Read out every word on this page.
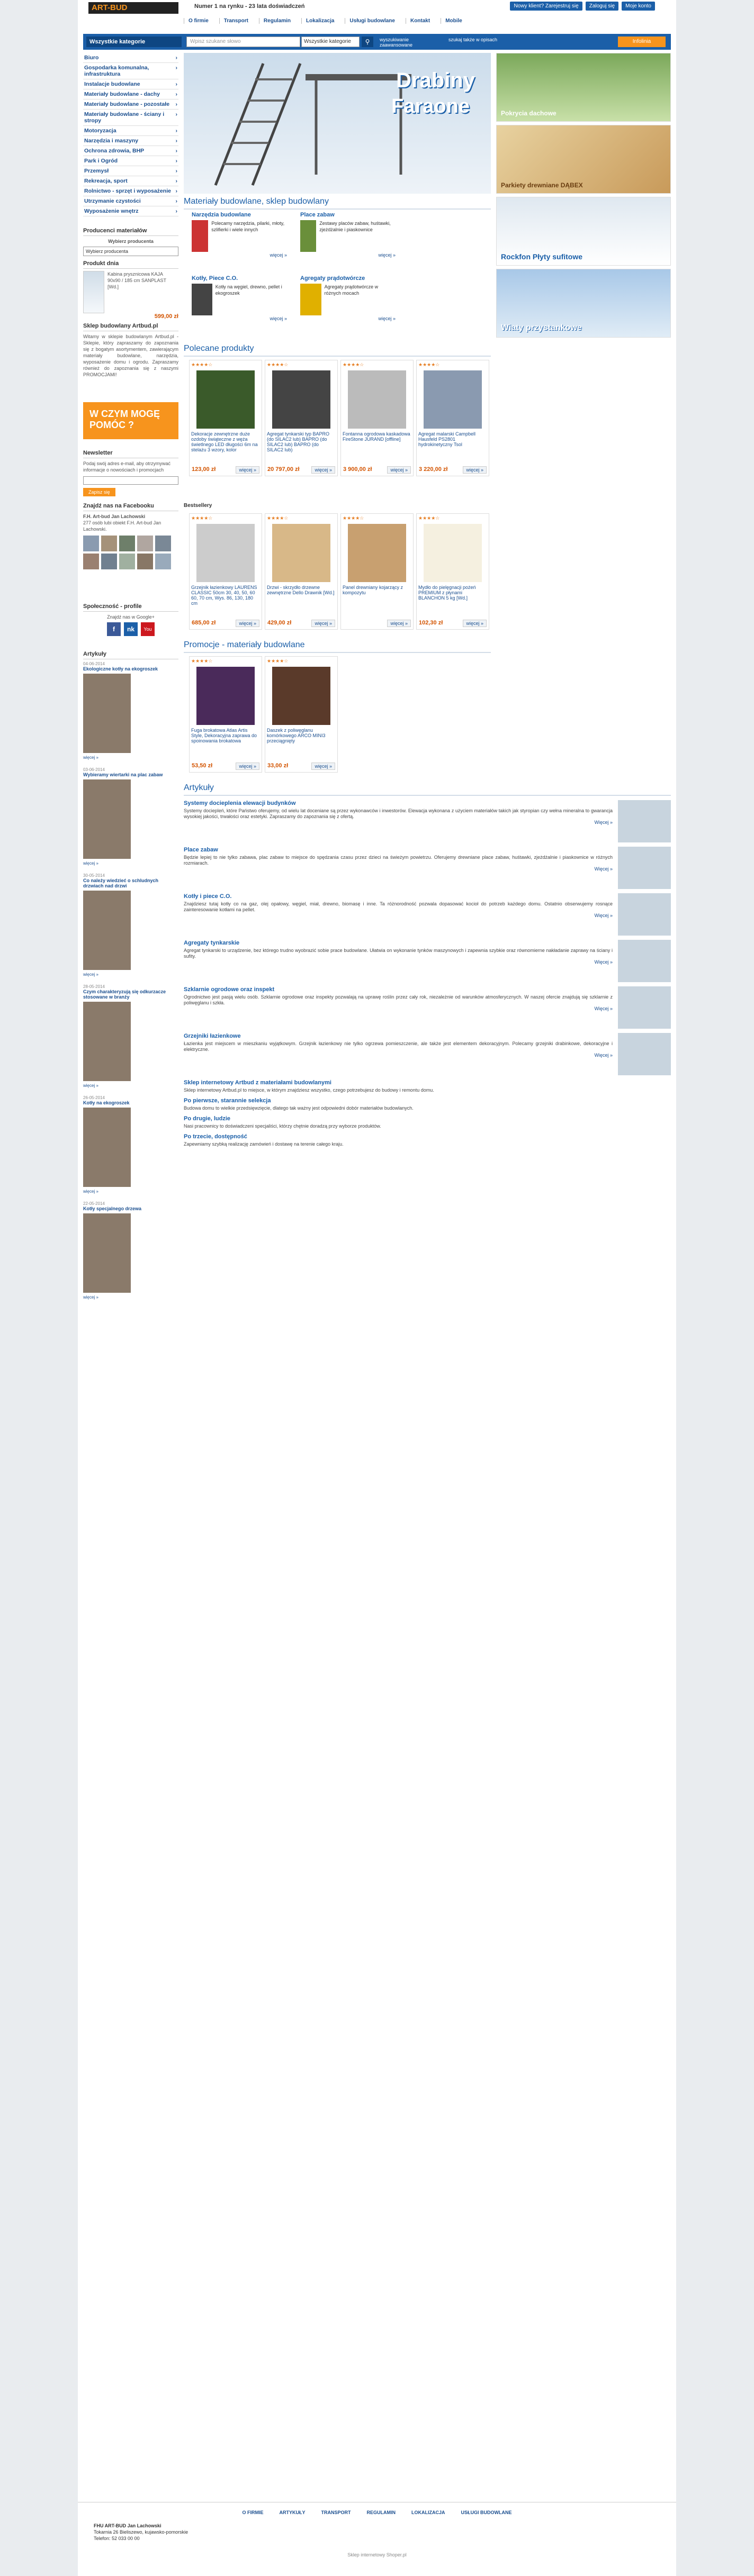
ART-BUD	Numer 1 na rynku - 23 lata doświadczeń	Nowy klient? Zarejestruj się	Zaloguj się	Moje konto
O firmie	Transport	Regulamin	Lokalizacja	Usługi budowlane	Kontakt	Mobile
Wszystkie kategorie	Wpisz szukane słowo	Wszystkie kategorie	⚲	wyszukiwanie zaawansowane
szukaj także w opisach	Infolinia
Biuro	›
Gospodarka komunalna, infrastruktura
›
Instalacje budowlane	›
Materiały budowlane - dachy	›
Materiały budowlane - pozostałe ›
Materiały budowlane - ściany i stropy
›
Motoryzacja	›
Narzędzia i maszyny	›
Ochrona zdrowia, BHP	›
Park i Ogród	›
Przemysł	›
Rekreacja, sport	›
Rolnictwo - sprzęt i wyposażenie ›
Utrzymanie czystości	›
Wyposażenie wnętrz	›
Producenci materiałów
Wybierz producenta
Wybierz producenta
Produkt dnia
Kabina prysznicowa KAJA 90x90 / 185 cm SANPLAST [Wd.]
599,00 zł
Sklep budowlany Artbud.pl
Witamy w sklepie budowlanym Artbud.pl - Sklepie, który zapraszamy do zapoznania się z bogatym asortymentem, zawierającym materiały budowlane, narzędzia, wyposażenie domu i ogrodu. Zapraszamy również do zapoznania się z naszymi PROMOCJAMI!
W CZYM MOGĘ POMÓC ?
Newsletter
Podaj swój adres e-mail, aby otrzymywać informacje o nowościach i promocjach
Zapisz się
Znajdź nas na Facebooku
F.H. Art-bud Jan Lachowski
277 osób lubi obiekt F.H. Art-bud Jan Lachowski.
Społeczność - profile
Znajdź nas w Google+
f	nk	You
Artykuły
04-06-2014
Ekologiczne kotły na ekogroszek
więcej »
03-06-2014
Wybieramy wiertarki na plac zabaw
więcej »
30-05-2014
Co należy wiedzieć o schludnych drzwiach nad drzwi
więcej »
28-05-2014
Czym charakteryzują się odkurzacze stosowane w branży
więcej »
26-05-2014
Kotły na ekogroszek
więcej »
22-05-2014
Kotły specjalnego drzewa
więcej »
Drabiny
Faraone	Pokrycia dachowe
Parkiety drewniane DĄBEX
Rockfon Płyty sufitowe
Wiaty przystankowe
Materiały budowlane, sklep budowlany
Narzędzia budowlane
Polecamy narzędzia, pilarki, młoty, szlifierki i wiele innych
więcej »
Place zabaw
Zestawy placów zabaw, huśtawki, zjeżdżalnie i piaskownice
więcej »
Kotły, Piece C.O.
Kotły na węgiel, drewno, pellet i ekogroszek
więcej »
Agregaty prądotwórcze
Agregaty prądotwórcze w różnych mocach
więcej »
Polecane produkty
★★★★☆
Dekoracje zewnętrzne duże ozdoby świąteczne z węża świetlnego LED długości 6m na stelażu 3 wzory, kolor
123,00 zł	więcej »
★★★★☆
Agregat tynkarski typ BAPRO (do SILAC2 lub) BAPRO (do SILAC2 lub) BAPRO (do SILAC2 lub)
20 797,00 zł	więcej »
★★★★☆
Fontanna ogrodowa kaskadowa FireStone JURAND [offline]
3 900,00 zł	więcej »
★★★★☆
Agregat malarski Campbell Hausfeld PS2801 hydrokinetyczny Tsol
3 220,00 zł	więcej »
Bestsellery
★★★★☆
Grzejnik łazienkowy LAURENS CLASSIC 50cm 30, 40, 50, 60 60, 70 cm, Wys. 86, 130, 180 cm
685,00 zł	więcej »
★★★★☆
Drzwi - skrzydło drzewne zewnętrzne Dello Drawnik [Wd.]
429,00 zł	więcej »
★★★★☆
Panel drewniany kojarzący z kompozytu
więcej »
★★★★☆
Mydło do pielęgnacji pożeń PREMIUM z płynami BLANCHON 5 kg [Wd.]
102,30 zł	więcej »
Promocje - materiały budowlane
★★★★☆
Fuga brokatowa Atlas Artis Style, Dekoracyjna zaprawa do spoinowania brokatowa
53,50 zł	więcej »
★★★★☆
Daszek z poliwęglanu komórkowego ARCO MINI3 przeciągnięty
33,00 zł	więcej »
Artykuły
Systemy docieplenia elewacji budynków

Systemy dociepleń, które Państwo oferujemy, od wielu lat doceniane są przez wykonawców i inwestorów. Elewacja wykonana z użyciem materiałów takich jak styropian czy wełna mineralna to gwarancja wysokiej jakości, trwałości oraz estetyki. Zapraszamy do zapoznania się z ofertą.

Więcej »
Place zabaw

Będzie lepiej to nie tylko zabawa, plac zabaw to miejsce do spędzania czasu przez dzieci na świeżym powietrzu. Oferujemy drewniane place zabaw, huśtawki, zjeżdżalnie i piaskownice w różnych rozmiarach.

Więcej »
Kotły i piece C.O.

Znajdziesz tutaj kotły co na gaz, olej opałowy, węgiel, miał, drewno, biomasę i inne. Ta różnorodność pozwala dopasować kocioł do potrzeb każdego domu. Ostatnio obserwujemy rosnące zainteresowanie kotłami na pellet.

Więcej »
Agregaty tynkarskie

Agregat tynkarski to urządzenie, bez którego trudno wyobrazić sobie prace budowlane. Ułatwia on wykonanie tynków maszynowych i zapewnia szybkie oraz równomierne nakładanie zaprawy na ściany i sufity.

Więcej »
Szklarnie ogrodowe oraz inspekt

Ogrodnictwo jest pasją wielu osób. Szklarnie ogrodowe oraz inspekty pozwalają na uprawę roślin przez cały rok, niezależnie od warunków atmosferycznych. W naszej ofercie znajdują się szklarnie z poliwęglanu i szkła.

Więcej »
Grzejniki łazienkowe

Łazienka jest miejscem w mieszkaniu wyjątkowym. Grzejnik łazienkowy nie tylko ogrzewa pomieszczenie, ale także jest elementem dekoracyjnym. Polecamy grzejniki drabinkowe, dekoracyjne i elektryczne.

Więcej »
Sklep internetowy Artbud z materiałami budowlanymi

Sklep internetowy Artbud.pl to miejsce, w którym znajdziesz wszystko, czego potrzebujesz do budowy i remontu domu.

Po pierwsze, starannie selekcja

Budowa domu to wielkie przedsięwzięcie, dlatego tak ważny jest odpowiedni dobór materiałów budowlanych.

Po drugie, ludzie

Nasi pracownicy to doświadczeni specjaliści, którzy chętnie doradzą przy wyborze produktów.

Po trzecie, dostępność

Zapewniamy szybką realizację zamówień i dostawę na terenie całego kraju.

O FIRMIE	ARTYKUŁY	TRANSPORT	REGULAMIN	LOKALIZACJA	USŁUGI BUDOWLANE
FHU ART-BUD Jan Lachowski
Tokarnia 26 Bieliszewo, kujawsko-pomorskie
Telefon: 52 033 00 00
Sklep internetowy Shoper.pl
